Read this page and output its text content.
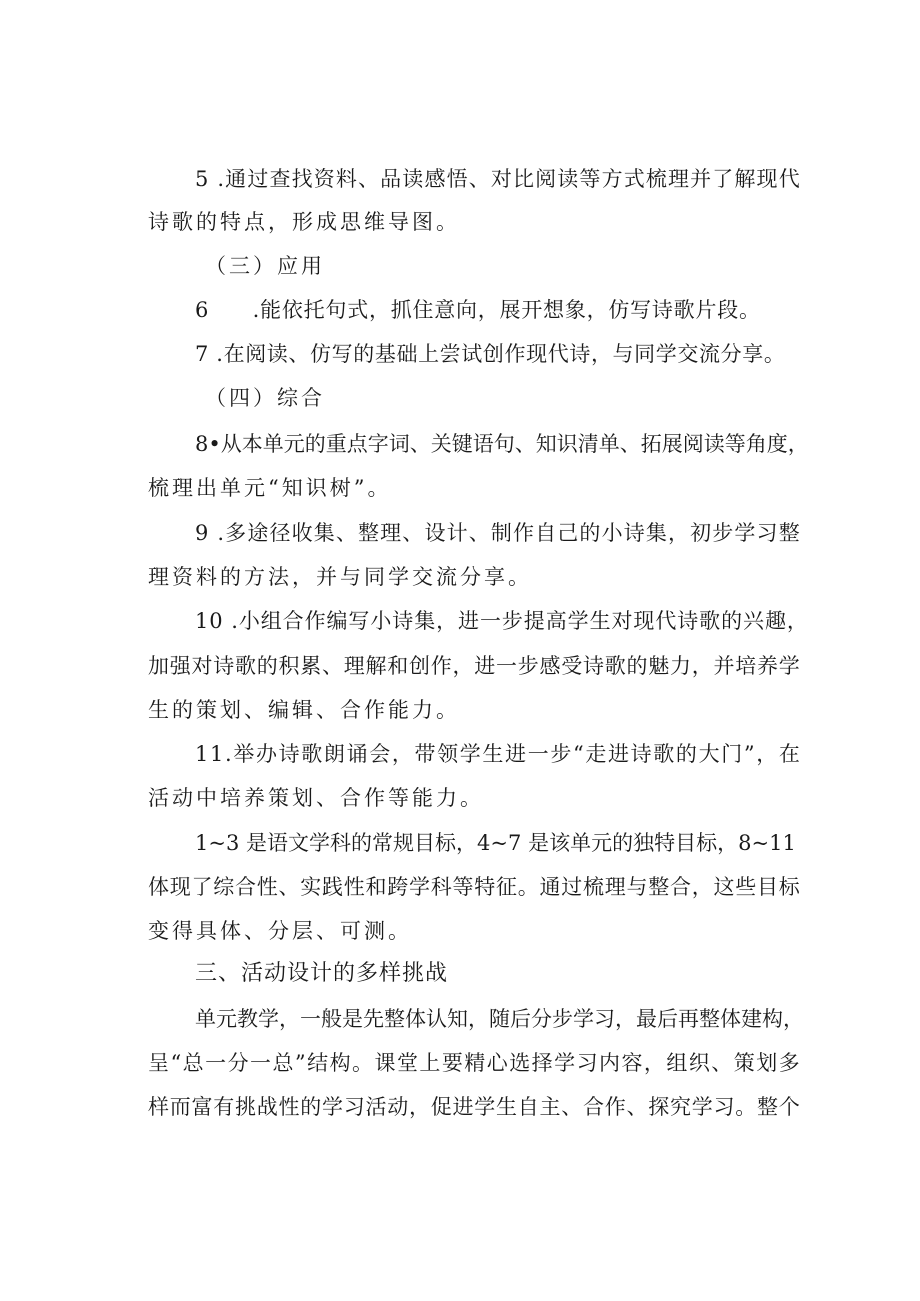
5
. 通 过 查 找 资 料 、 品 读 感 悟 、 对 比 阅 读 等 方 式 梳 理 并 了 解 现 代
诗歌的特点，形成思维导图。
（三）应用
6

　 . 能 依 托 句 式 ， 抓 住 意 向 ， 展 开 想 象 ， 仿 写 诗 歌 片 段 。
7
. 在 阅 读 、 仿 写 的 基 础 上 尝 试 创 作 现 代 诗 ， 与 同 学 交 流 分 享 。
（四）综合
8 • 从 本 单 元 的 重 点 字 词 、 关 键 语 句 、 知 识 清 单 、 拓 展 阅 读 等 角 度 ，
梳理出单元“知识树”。
9
. 多 途 径 收 集 、 整 理 、 设 计 、 制 作 自 己 的 小 诗 集 ， 初 步 学 习 整
理资料的方法，并与同学交流分享。
1 0
. 小 组 合 作 编 写 小 诗 集 ， 进 一 步 提 高 学 生 对 现 代 诗 歌 的 兴 趣 ，
加 强 对 诗 歌 的 积 累 、 理 解 和 创 作 ， 进 一 步 感 受 诗 歌 的 魅 力 ， 并 培 养 学
生的策划、编辑、合作能力。
1 1 . 举 办 诗 歌 朗 诵 会 ， 带 领 学 生 进 一 步 “ 走 进 诗 歌 的 大 门 ” ， 在
活动中培养策划、合作等能力。
1 ~ 3
是 语 文 学 科 的 常 规 目 标 ， 4 ~ 7
是 该 单 元 的 独 特 目 标 ， 8 ~ 1 1
体 现 了 综 合 性 、 实 践 性 和 跨 学 科 等 特 征 。 通 过 梳 理 与 整 合 ， 这 些 目 标
变得具体、分层、可测。
三、活动设计的多样挑战
单 元 教 学 ， 一 般 是 先 整 体 认 知 ， 随 后 分 步 学 习 ， 最 后 再 整 体 建 构 ，
呈 “ 总 一 分 一 总 ” 结 构 。 课 堂 上 要 精 心 选 择 学 习 内 容 ， 组 织 、 策 划 多
样 而 富 有 挑 战 性 的 学 习 活 动 ， 促 进 学 生 自 主 、 合 作 、 探 究 学 习 。 整 个
